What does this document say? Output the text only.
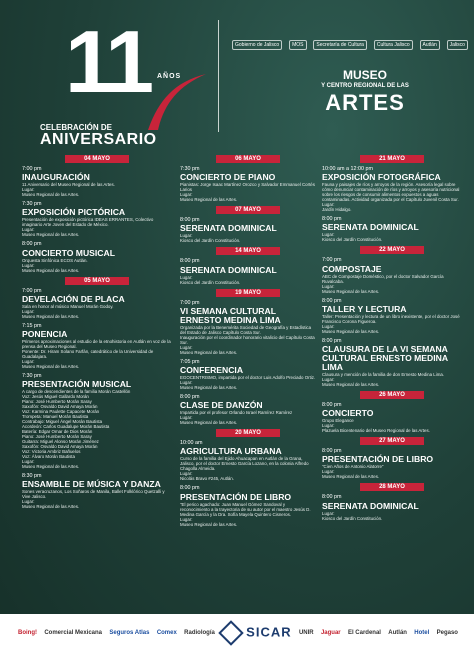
11 AÑOS
CELEBRACIÓN DE
ANIVERSARIO
Gobierno de Jalisco	MOS	Secretaría de Cultura	Cultura Jalisco	Autlán	Jalisco
MUSEO
Y CENTRO REGIONAL DE LAS
ARTES
04 MAYO
7:00 pm
INAUGURACIÓN
11 Aniversario del Museo Regional de las Artes.
Lugar:
Museo Regional de las Artes.
7:30 pm
EXPOSICIÓN PICTÓRICA
Presentación de exposición pictórica IDEAS ERRANTES, Colectivo imaginario Arte Joven del Estado de México.
Lugar:
Museo Regional de las Artes.
8:00 pm
CONCIERTO MUSICAL
Orquesta Sinfónica ECOS Autlán.
Lugar:
Museo Regional de las Artes.
05 MAYO
7:00 pm
DEVELACIÓN DE PLACA
Sala en honor al músico Manuel Morán Godoy.
Lugar:
Museo Regional de las Artes.
7:15 pm
PONENCIA
Primeros aproximaciones al estudio de la etnohistoria en Autlán en voz de la prensa del Museo Regional.
Ponente: Dr. Hiram Solano Farfán, catedrático de la Universidad de Guadalajara.
Lugar:
Museo Regional de las Artes.
7:30 pm
PRESENTACIÓN MUSICAL
A cargo de descendientes de la familia Morán Castellón
Voz: Jesús Miguel Gallardo Morán
Piano: José Humberto Morán Saray
Saxofón: Osvaldo David Amaya Morán
Voz: Karmina Paulette Capacete Morán
Trompeta: Manuel Morán Bautista
Contrabajo: Miguel Ángel Morán Bautista
Acordeón: Carlos Guadalupe Morán Bautista
Batería: Edgar Omar de Dios Morán
Piano: José Humberto Morán Saray
Guitarra: Miguel Alonso Morán Jiménez
Saxofón: Osvaldo David Amaya Morán
Voz: Victoria Ambriz Bañuelos
Voz: Álvaro Morán Bautista
Lugar:
Museo Regional de las Artes.
8:30 pm
ENSAMBLE DE MÚSICA Y DANZA
Sones veracruzanos, Los Soñaros de Manila, Ballet Folklórico Quetzalli y Vive Jalisco.
Lugar:
Museo Regional de las Artes.
06 MAYO
7:30 pm
CONCIERTO DE PIANO
Pianistas: Jorge Isaac Martínez Orozco y Salvador Emmanuel Cortés Larios
Lugar:
Museo Regional de las Artes.
07 MAYO
8:00 pm
SERENATA DOMINICAL
Lugar:
Kiosco del Jardín Constitución.
14 MAYO
8:00 pm
SERENATA DOMINICAL
Lugar:
Kiosco del Jardín Constitución.
19 MAYO
7:00 pm
VI SEMANA CULTURAL ERNESTO MEDINA LIMA
Organizada por la Benemérita Sociedad de Geografía y Estadística del Estado de Jalisco Capítulo Costa Sur.
Inauguración por el coordinador honorario vitalicio del Capítulo Costa Sur.
Lugar:
Museo Regional de las Artes.
7:05 pm
CONFERENCIA
EGOCENTRISMO, impartida por el doctor Luis Adolfo Preciado Ortiz.
Lugar:
Museo Regional de las Artes.
8:00 pm
CLASE DE DANZÓN
Impartida por el profesor Orlando Israel Ramírez Ramírez
Lugar:
Museo Regional de las Artes.
20 MAYO
10:00 am
AGRICULTURA URBANA
Curso de la familia del Ejido Ahuacapan en Autlán de la Grana, Jalisco, por el doctor Ernesto García Lozano, en la colonia Alfredo Chagolla Almeida.
Lugar:
Nicolás Bravo #245, Autlán.
8:00 pm
PRESENTACIÓN DE LIBRO
"El perico agachado: Juan Manuel Gómez Sandoval y reconocimiento a la trayectoria de su autor por el maestro Jesús D. Medina García y la Dra. Sofía Mayela Quintero Cisneros.
Lugar:
Museo Regional de las Artes.
21 MAYO
10:00 am a 12:00 pm
EXPOSICIÓN FOTOGRÁFICA
Fauna y paisajes de ríos y arroyos de la región. Asesoría legal sobre cómo denunciar contaminación de ríos y arroyos y asesoría nutricional sobre los riesgos de consumir alimentos expuestos a aguas contaminadas. Actividad organizada por el Capítulo Juvenil Costa Sur.
Lugar:
Jardín Hidalgo.
8:00 pm
SERENATA DOMINICAL
Lugar:
Kiosco del Jardín Constitución.
22 MAYO
7:00 pm
COMPOSTAJE
ABC de Compostaje Doméstico, por el doctor Salvador García Ruvalcaba.
Lugar:
Museo Regional de las Artes.
8:00 pm
TALLER Y LECTURA
Taller: Presentación y lectura de un libro inexistente, por el doctor José Francisco Corona Figueroa.
Lugar:
Museo Regional de las Artes.
8:00 pm
CLAUSURA DE LA VI SEMANA CULTURAL ERNESTO MEDINA LIMA
Clausura y mención de la familia de don Ernesto Medina Lima.
Lugar:
Museo Regional de las Artes.
26 MAYO
8:00 pm
CONCIERTO
Grupo Elegance
Lugar:
Plazuela Bicentenario del Museo Regional de las Artes.
27 MAYO
8:00 pm
PRESENTACIÓN DE LIBRO
"Cien Años de Antonio Alatorre"
Lugar:
Museo Regional de las Artes.
28 MAYO
8:00 pm
SERENATA DOMINICAL
Lugar:
Kiosco del Jardín Constitución.
Boing! Comercial Mexicana Seguros Atlas Comex Radiología	SICAR UNIR Jaguar El Cardenal Autlán Hotel Pegaso
